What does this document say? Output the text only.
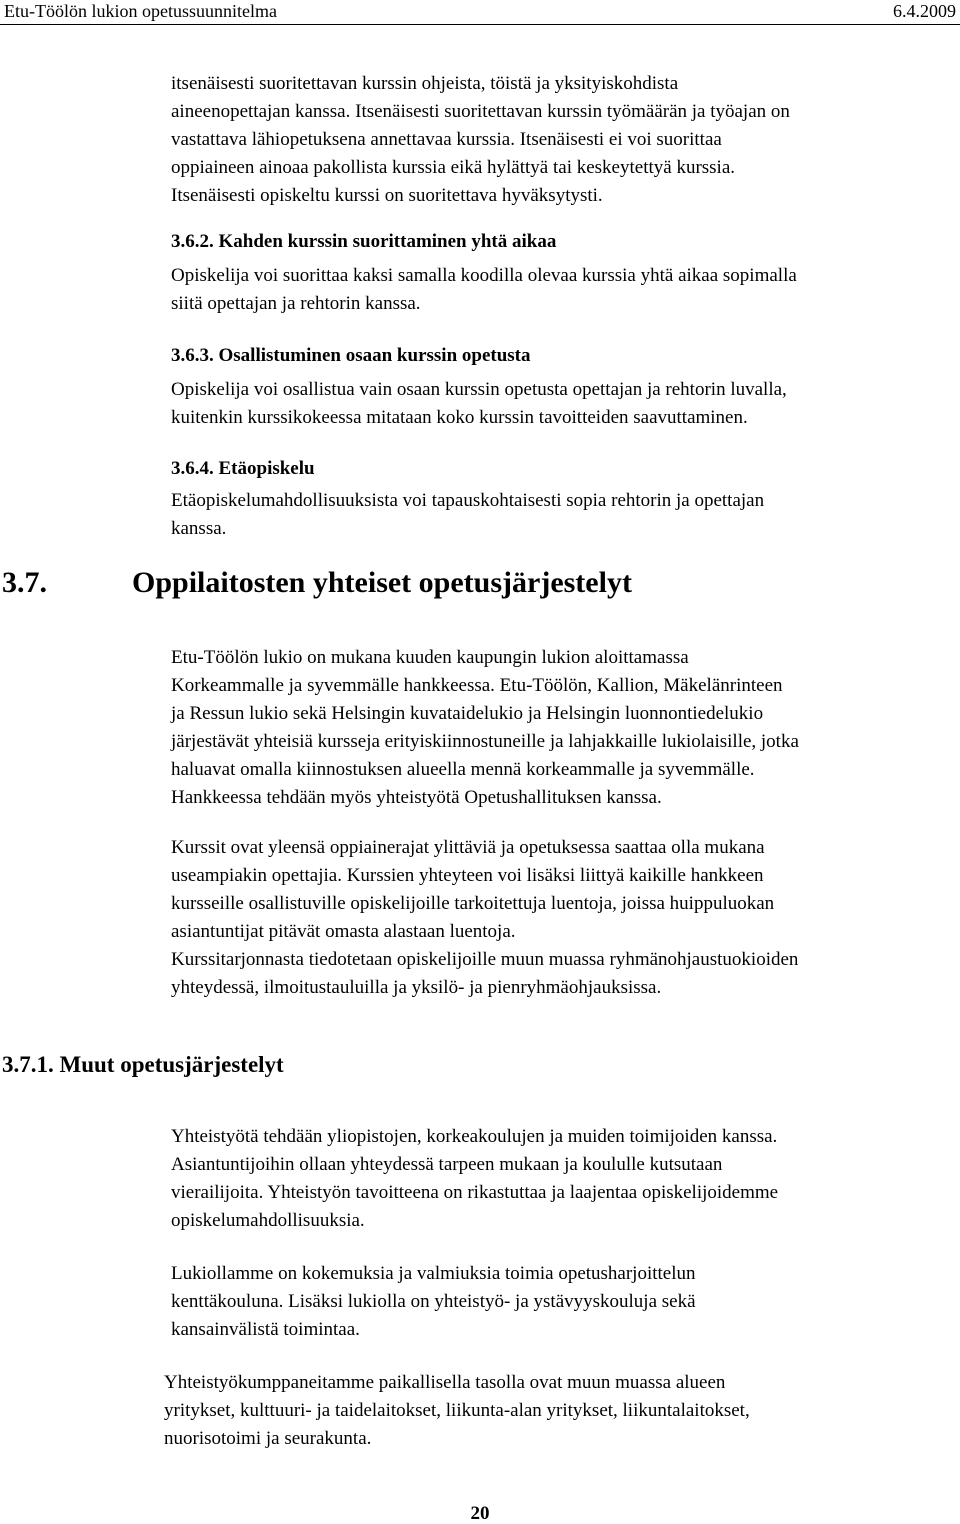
Etu-Töölön lukion opetussuunnitelma	6.4.2009
itsenäisesti suoritettavan kurssin ohjeista, töistä ja yksityiskohdista
aineenopettajan kanssa. Itsenäisesti suoritettavan kurssin työmäärän ja työajan on
vastattava lähiopetuksena annettavaa kurssia. Itsenäisesti ei voi suorittaa
oppiaineen ainoaa pakollista kurssia eikä hylättyä tai keskeytettyä kurssia.
Itsenäisesti opiskeltu kurssi on suoritettava hyväksytysti.
3.6.2. Kahden kurssin suorittaminen yhtä aikaa
Opiskelija voi suorittaa kaksi samalla koodilla olevaa kurssia yhtä aikaa sopimalla
siitä opettajan ja rehtorin kanssa.
3.6.3. Osallistuminen osaan kurssin opetusta
Opiskelija voi osallistua vain osaan kurssin opetusta opettajan ja rehtorin luvalla,
kuitenkin kurssikokeessa mitataan koko kurssin tavoitteiden saavuttaminen.
3.6.4. Etäopiskelu
Etäopiskelumahdollisuuksista voi tapauskohtaisesti sopia rehtorin ja opettajan
kanssa.
3.7.	Oppilaitosten yhteiset opetusjärjestelyt
Etu-Töölön lukio on mukana kuuden kaupungin lukion aloittamassa
Korkeammalle ja syvemmälle hankkeessa. Etu-Töölön, Kallion, Mäkelänrinteen
ja Ressun lukio sekä Helsingin kuvataidelukio ja Helsingin luonnontiedelukio
järjestävät yhteisiä kursseja erityiskiinnostuneille ja lahjakkaille lukiolaisille, jotka
haluavat omalla kiinnostuksen alueella mennä korkeammalle ja syvemmälle.
Hankkeessa tehdään myös yhteistyötä Opetushallituksen kanssa.
Kurssit ovat yleensä oppiainerajat ylittäviä ja opetuksessa saattaa olla mukana
useampiakin opettajia. Kurssien yhteyteen voi lisäksi liittyä kaikille hankkeen
kursseille osallistuville opiskelijoille tarkoitettuja luentoja, joissa huippuluokan
asiantuntijat pitävät omasta alastaan luentoja.
Kurssitarjonnasta tiedotetaan opiskelijoille muun muassa ryhmänohjaustuokioiden
yhteydessä, ilmoitustauluilla ja yksilö- ja pienryhmäohjauksissa.
3.7.1. Muut opetusjärjestelyt
Yhteistyötä tehdään yliopistojen, korkeakoulujen ja muiden toimijoiden kanssa.
Asiantuntijoihin ollaan yhteydessä tarpeen mukaan ja koululle kutsutaan
vierailijoita. Yhteistyön tavoitteena on rikastuttaa ja laajentaa opiskelijoidemme
opiskelumahdollisuuksia.
Lukiollamme on kokemuksia ja valmiuksia toimia opetusharjoittelun
kenttäkouluna. Lisäksi lukiolla on yhteistyö- ja ystävyyskouluja sekä
kansainvälistä toimintaa.
Yhteistyökumppaneitamme paikallisella tasolla ovat muun muassa alueen
yritykset, kulttuuri- ja taidelaitokset, liikunta-alan yritykset, liikuntalaitokset,
nuorisotoimi ja seurakunta.
20
